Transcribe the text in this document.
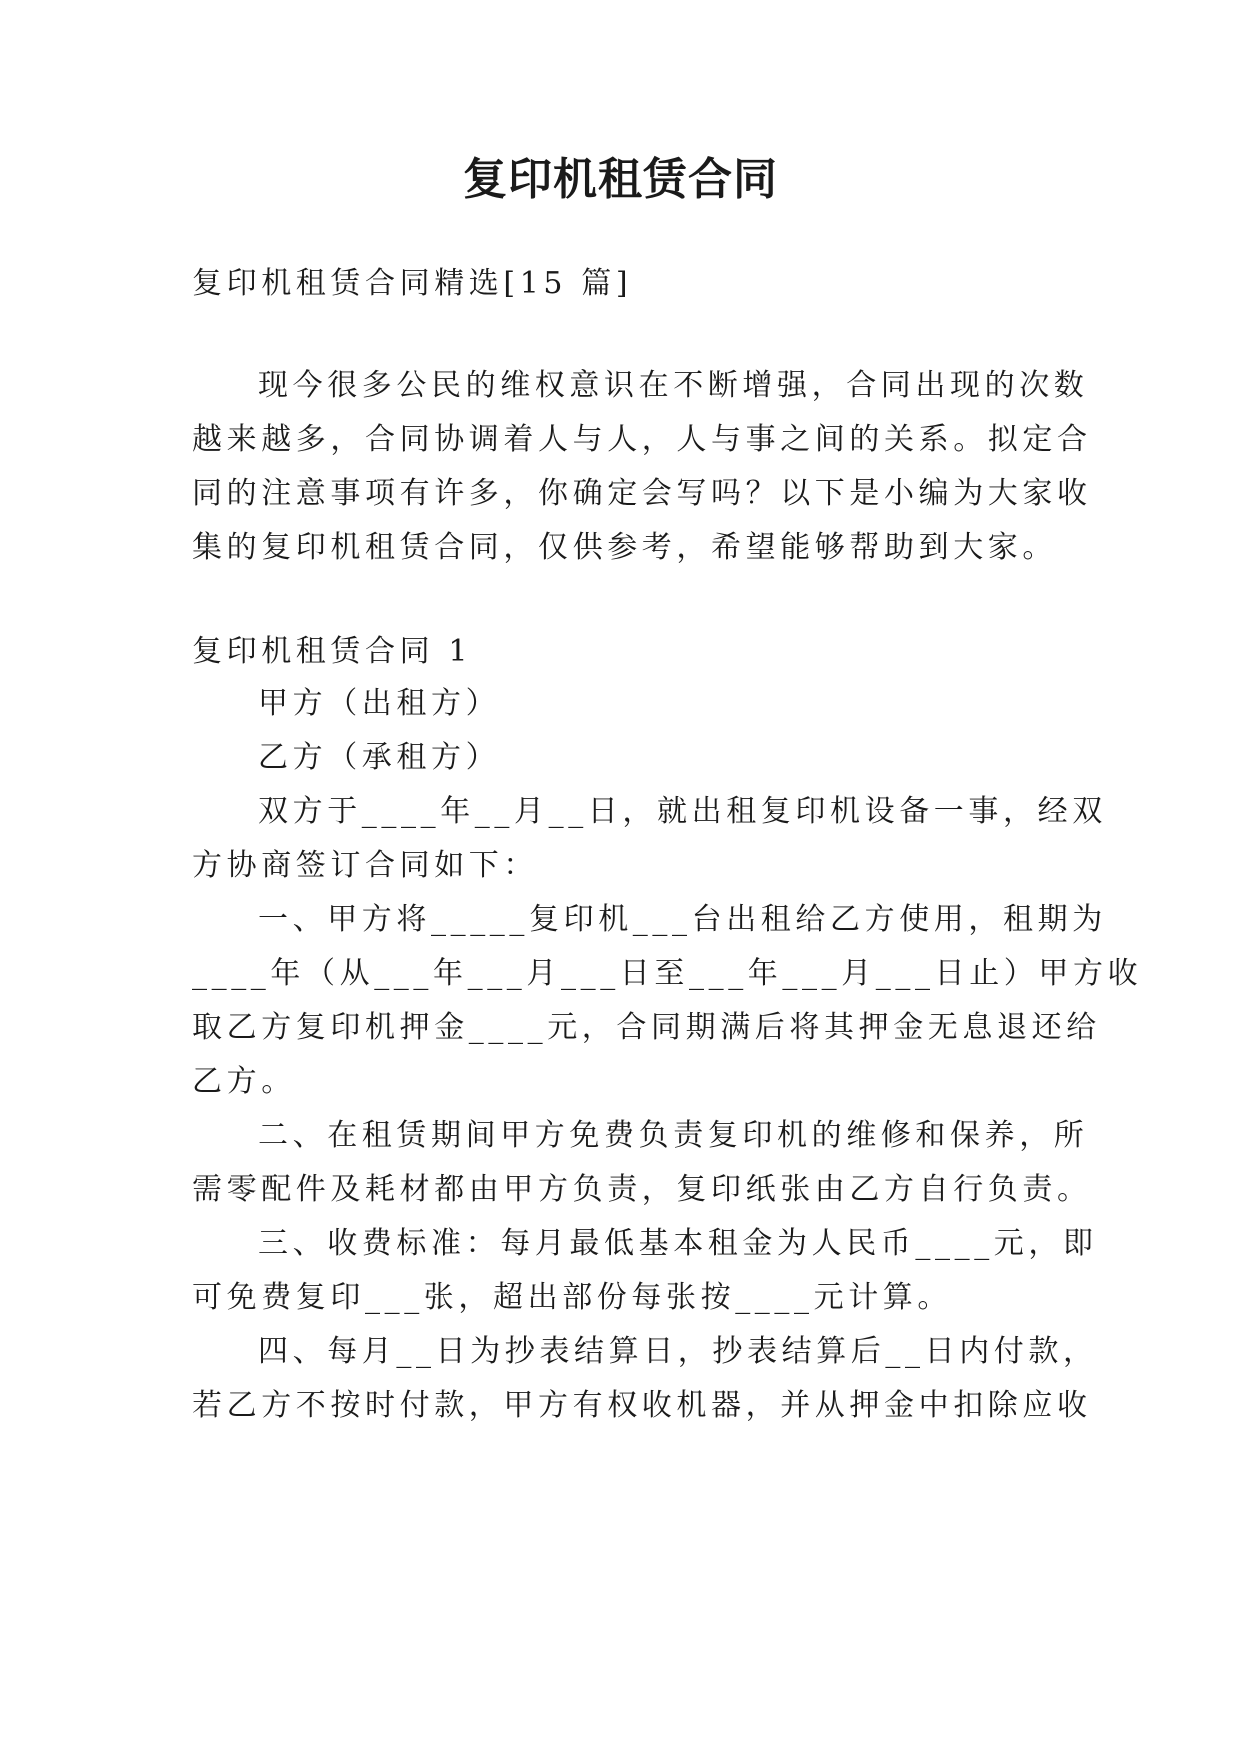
复印机租赁合同
复印机租赁合同精选[15 篇]
现今很多公民的维权意识在不断增强，合同出现的次数
越来越多，合同协调着人与人，人与事之间的关系。拟定合
同的注意事项有许多，你确定会写吗？以下是小编为大家收
集的复印机租赁合同，仅供参考，希望能够帮助到大家。
复印机租赁合同 1
甲方（出租方）
乙方（承租方）
双方于____年__月__日，就出租复印机设备一事，经双
方协商签订合同如下：
一、甲方将_____复印机___台出租给乙方使用，租期为
____年（从___年___月___日至___年___月___日止）甲方收
取乙方复印机押金____元，合同期满后将其押金无息退还给
乙方。
二、在租赁期间甲方免费负责复印机的维修和保养，所
需零配件及耗材都由甲方负责，复印纸张由乙方自行负责。
三、收费标准：每月最低基本租金为人民币____元，即
可免费复印___张，超出部份每张按____元计算。
四、每月__日为抄表结算日，抄表结算后__日内付款，
若乙方不按时付款，甲方有权收机器，并从押金中扣除应收
